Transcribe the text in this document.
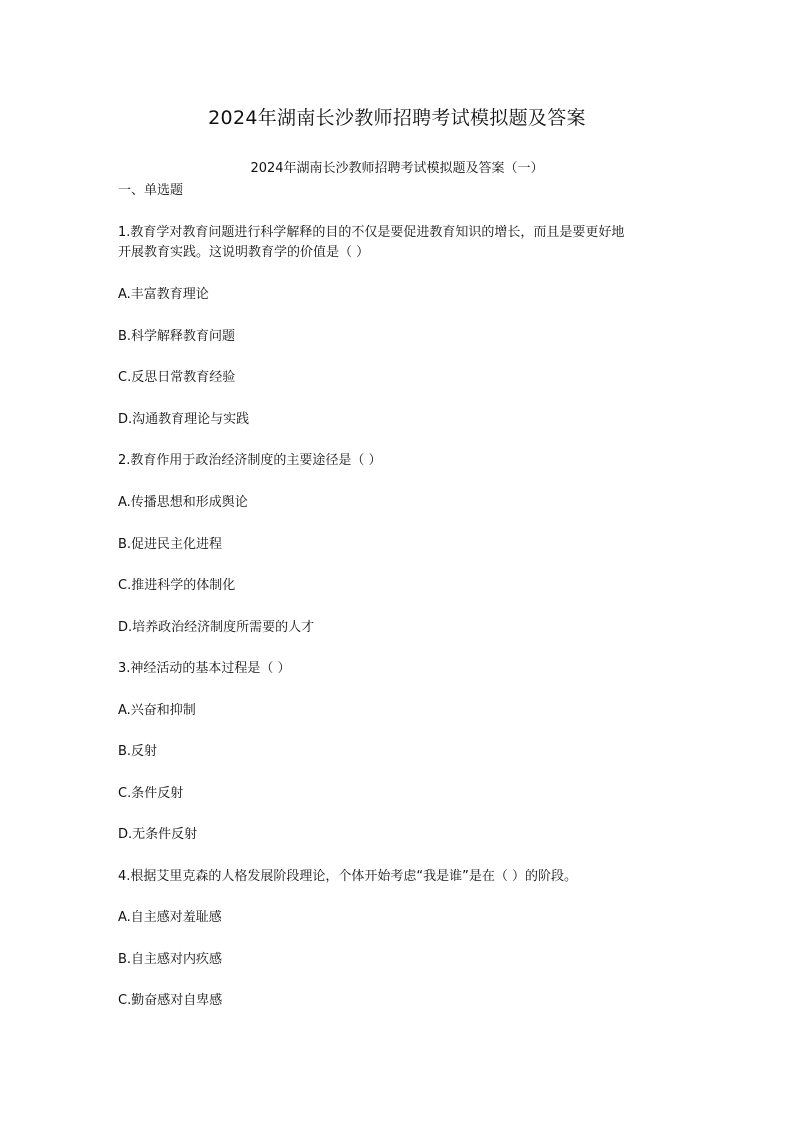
2024年湖南长沙教师招聘考试模拟题及答案
2024年湖南长沙教师招聘考试模拟题及答案（一）
一、单选题
1.教育学对教育问题进行科学解释的目的不仅是要促进教育知识的增长，而且是要更好地
开展教育实践。这说明教育学的价值是（ ）
A.丰富教育理论
B.科学解释教育问题
C.反思日常教育经验
D.沟通教育理论与实践
2.教育作用于政治经济制度的主要途径是（ ）
A.传播思想和形成舆论
B.促进民主化进程
C.推进科学的体制化
D.培养政治经济制度所需要的人才
3.神经活动的基本过程是（ ）
A.兴奋和抑制
B.反射
C.条件反射
D.无条件反射
4.根据艾里克森的人格发展阶段理论，个体开始考虑“我是谁”是在（ ）的阶段。
A.自主感对羞耻感
B.自主感对内疚感
C.勤奋感对自卑感
